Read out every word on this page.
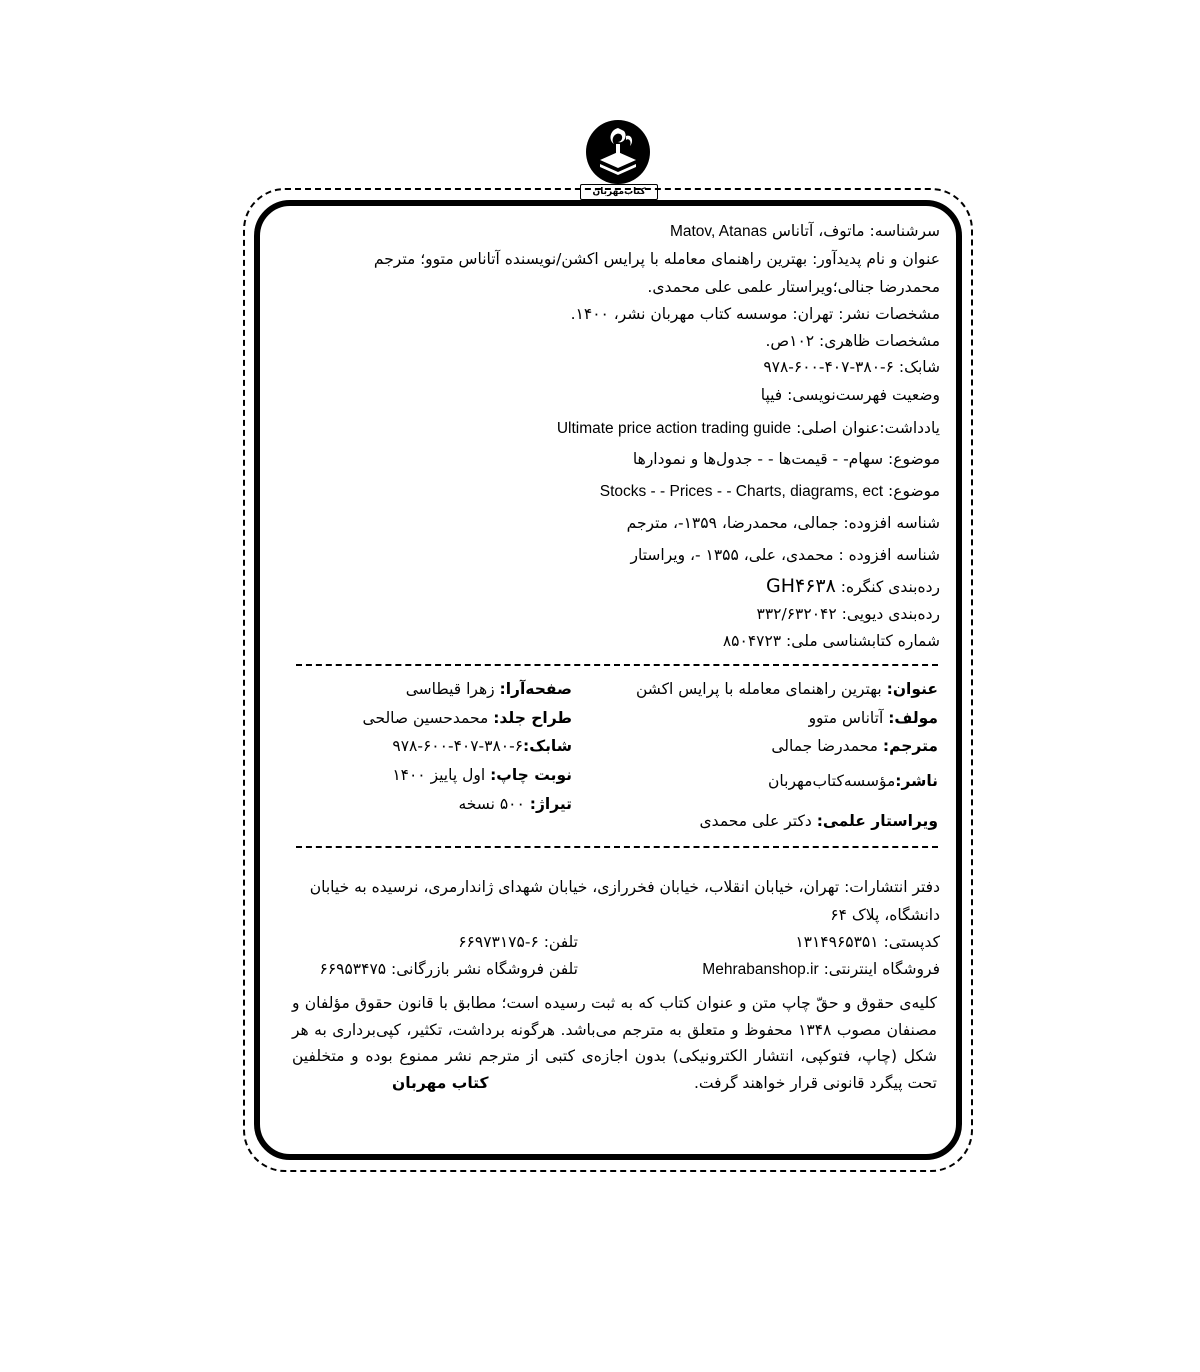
کتاب‌مهربان
سرشناسه: ماتوف، آتاناس Matov, Atanas
عنوان و نام پدیدآور: بهترین راهنمای معامله با پرایس اکشن/نویسنده آتاناس متوو؛ مترجم
محمدرضا جنالی؛ویراستار علمی علی محمدی.
مشخصات نشر: تهران: موسسه کتاب مهربان نشر، ۱۴۰۰.
مشخصات ظاهری: ۱۰۲ص.
شابک: ۶-۳۸۰-۴۰۷-۶۰۰-۹۷۸
وضعیت فهرست‌نویسی: فیپا
یادداشت:عنوان اصلی: Ultimate price action trading guide
موضوع: سهام- - قیمت‌ها - - جدول‌ها و نمودارها
موضوع: Stocks - - Prices - - Charts, diagrams, ect
شناسه افزوده: جمالی، محمدرضا، ۱۳۵۹-، مترجم
شناسه افزوده : محمدی، علی، ۱۳۵۵ -، ویراستار
رده‌بندی کنگره: GH۴۶۳۸
رده‌بندی دیویی: ۳۳۲/۶۳۲۰۴۲
شماره کتابشناسی ملی: ۸۵۰۴۷۲۳
عنوان: بهترین راهنمای معامله با پرایس اکشن
مولف: آتاناس متوو
مترجم: محمدرضا جمالی
ناشر:مؤسسه‌کتاب‌مهربان
ویراستار علمی: دکتر علی محمدی
صفحه‌آرا: زهرا قیطاسی
طراح جلد: محمدحسین صالحی
شابک:۶-۳۸۰-۴۰۷-۶۰۰-۹۷۸
نوبت چاپ: اول پاییز ۱۴۰۰
تیراژ: ۵۰۰ نسخه
دفتر انتشارات: تهران، خیابان انقلاب، خیابان فخررازی، خیابان شهدای ژاندارمری، نرسیده به خیابان
دانشگاه، پلاک ۶۴
کدپستی: ۱۳۱۴۹۶۵۳۵۱
تلفن: ۶-۶۶۹۷۳۱۷۵
فروشگاه اینترنتی: Mehrabanshop.ir
تلفن فروشگاه نشر بازرگانی: ۶۶۹۵۳۴۷۵
کلیه‌ی حقوق و حقّ چاپ متن و عنوان کتاب که به ثبت رسیده است؛ مطابق با قانون حقوق مؤلفان و مصنفان مصوب ۱۳۴۸ محفوظ و متعلق به مترجم می‌باشد. هرگونه برداشت، تکثیر، کپی‌برداری به هر شکل (چاپ، فتوکپی، انتشار الکترونیکی) بدون اجازه‌ی کتبی از مترجم نشر ممنوع بوده و متخلفین تحت پیگرد قانونی قرار خواهند گرفت.
کتاب مهربان
